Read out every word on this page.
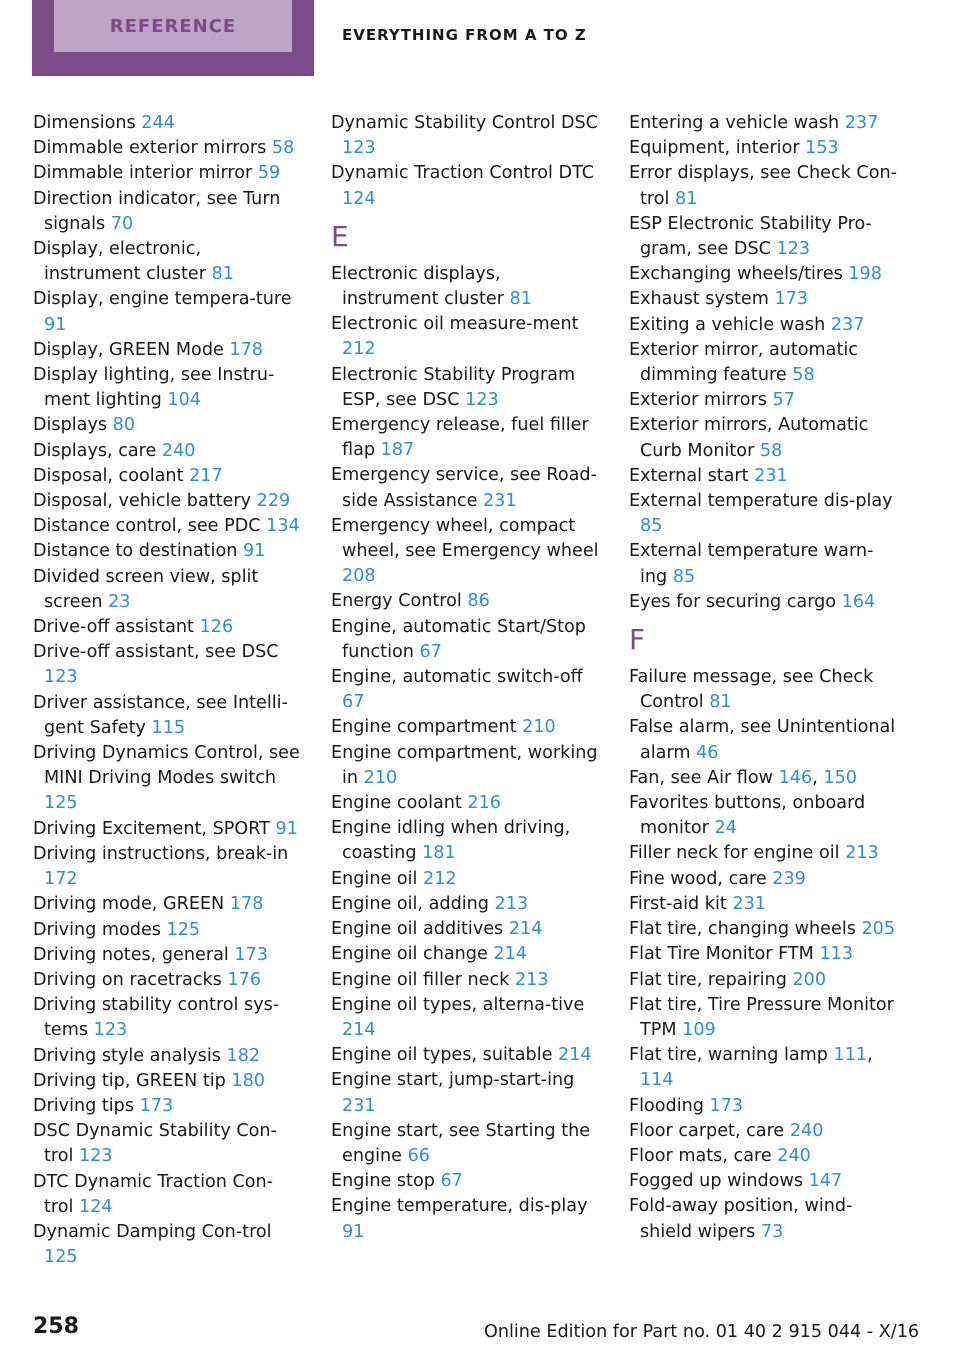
REFERENCE	EVERYTHING FROM A TO Z
Dimensions 244
Dimmable exterior mirrors 58
Dimmable interior mirror 59
Direction indicator, see Turn signals 70
Display, electronic, instrument cluster 81
Display, engine tempera‐ture 91
Display, GREEN Mode 178
Display lighting, see Instru‐ment lighting 104
Displays 80
Displays, care 240
Disposal, coolant 217
Disposal, vehicle battery 229
Distance control, see PDC 134
Distance to destination 91
Divided screen view, split screen 23
Drive-off assistant 126
Drive-off assistant, see DSC 123
Driver assistance, see Intelli‐gent Safety 115
Driving Dynamics Control, see MINI Driving Modes switch 125
Driving Excitement, SPORT 91
Driving instructions, break-in 172
Driving mode, GREEN 178
Driving modes 125
Driving notes, general 173
Driving on racetracks 176
Driving stability control sys‐tems 123
Driving style analysis 182
Driving tip, GREEN tip 180
Driving tips 173
DSC Dynamic Stability Con‐trol 123
DTC Dynamic Traction Con‐trol 124
Dynamic Damping Con‐trol 125
Dynamic Stability Control DSC 123
Dynamic Traction Control DTC 124
E
Electronic displays, instrument cluster 81
Electronic oil measure‐ment 212
Electronic Stability Program ESP, see DSC 123
Emergency release, fuel filler flap 187
Emergency service, see Road‐side Assistance 231
Emergency wheel, compact wheel, see Emergency wheel 208
Energy Control 86
Engine, automatic Start/Stop function 67
Engine, automatic switch-off 67
Engine compartment 210
Engine compartment, working in 210
Engine coolant 216
Engine idling when driving, coasting 181
Engine oil 212
Engine oil, adding 213
Engine oil additives 214
Engine oil change 214
Engine oil filler neck 213
Engine oil types, alterna‐tive 214
Engine oil types, suitable 214
Engine start, jump-start‐ing 231
Engine start, see Starting the engine 66
Engine stop 67
Engine temperature, dis‐play 91
Entering a vehicle wash 237
Equipment, interior 153
Error displays, see Check Con‐trol 81
ESP Electronic Stability Pro‐gram, see DSC 123
Exchanging wheels/tires 198
Exhaust system 173
Exiting a vehicle wash 237
Exterior mirror, automatic dimming feature 58
Exterior mirrors 57
Exterior mirrors, Automatic Curb Monitor 58
External start 231
External temperature dis‐play 85
External temperature warn‐ing 85
Eyes for securing cargo 164
F
Failure message, see Check Control 81
False alarm, see Unintentional alarm 46
Fan, see Air flow 146, 150
Favorites buttons, onboard monitor 24
Filler neck for engine oil 213
Fine wood, care 239
First-aid kit 231
Flat tire, changing wheels 205
Flat Tire Monitor FTM 113
Flat tire, repairing 200
Flat tire, Tire Pressure Monitor TPM 109
Flat tire, warning lamp 111, 114
Flooding 173
Floor carpet, care 240
Floor mats, care 240
Fogged up windows 147
Fold-away position, wind‐shield wipers 73
258	Online Edition for Part no. 01 40 2 915 044 - X/16
